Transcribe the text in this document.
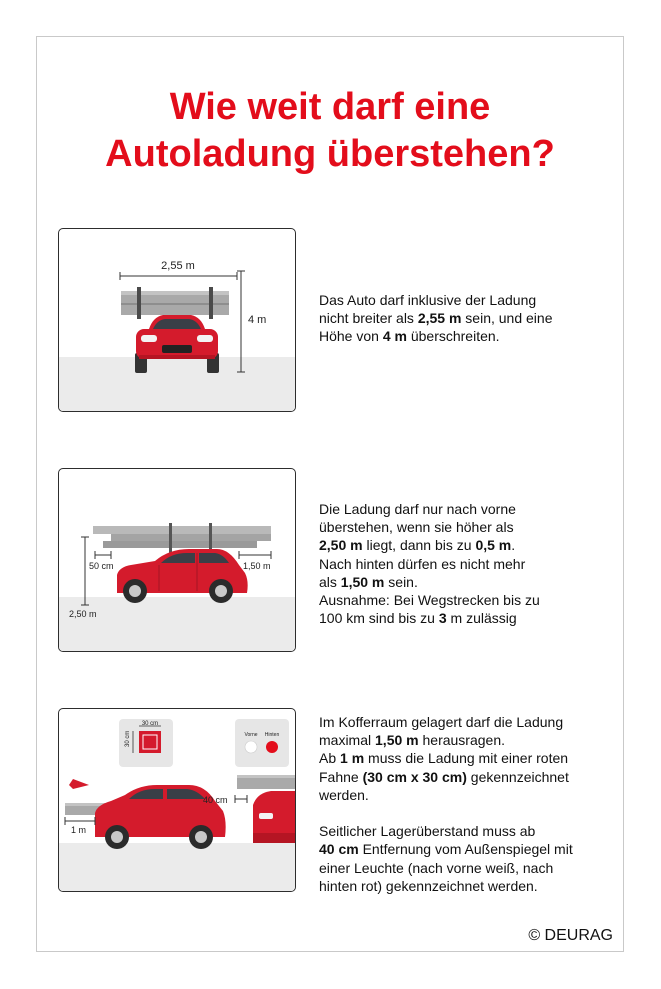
Wie weit darf eine
Autoladung überstehen?
2,55 m
4 m

Das Auto darf inklusive der Ladung

nicht breiter als 2,55 m sein, und eine

Höhe von 4 m überschreiten.

2,50 m
50 cm	1,50 m

Die Ladung darf nur nach vorne

überstehen, wenn sie höher als

2,50 m liegt, dann bis zu 0,5 m.

Nach hinten dürfen es nicht mehr

als 1,50 m sein.

Ausnahme: Bei Wegstrecken bis zu

100 km sind bis zu 3 m zulässig

30 cm
30 cm	Vorne Hinten
40 cm
1 m

Im Kofferraum gelagert darf die Ladung

maximal 1,50 m herausragen.

Ab 1 m muss die Ladung mit einer roten

Fahne (30 cm x 30 cm) gekennzeichnet

werden.

Seitlicher Lagerüberstand muss ab

40 cm Entfernung vom Außenspiegel mit

einer Leuchte (nach vorne weiß, nach

hinten rot) gekennzeichnet werden.

© DEURAG
